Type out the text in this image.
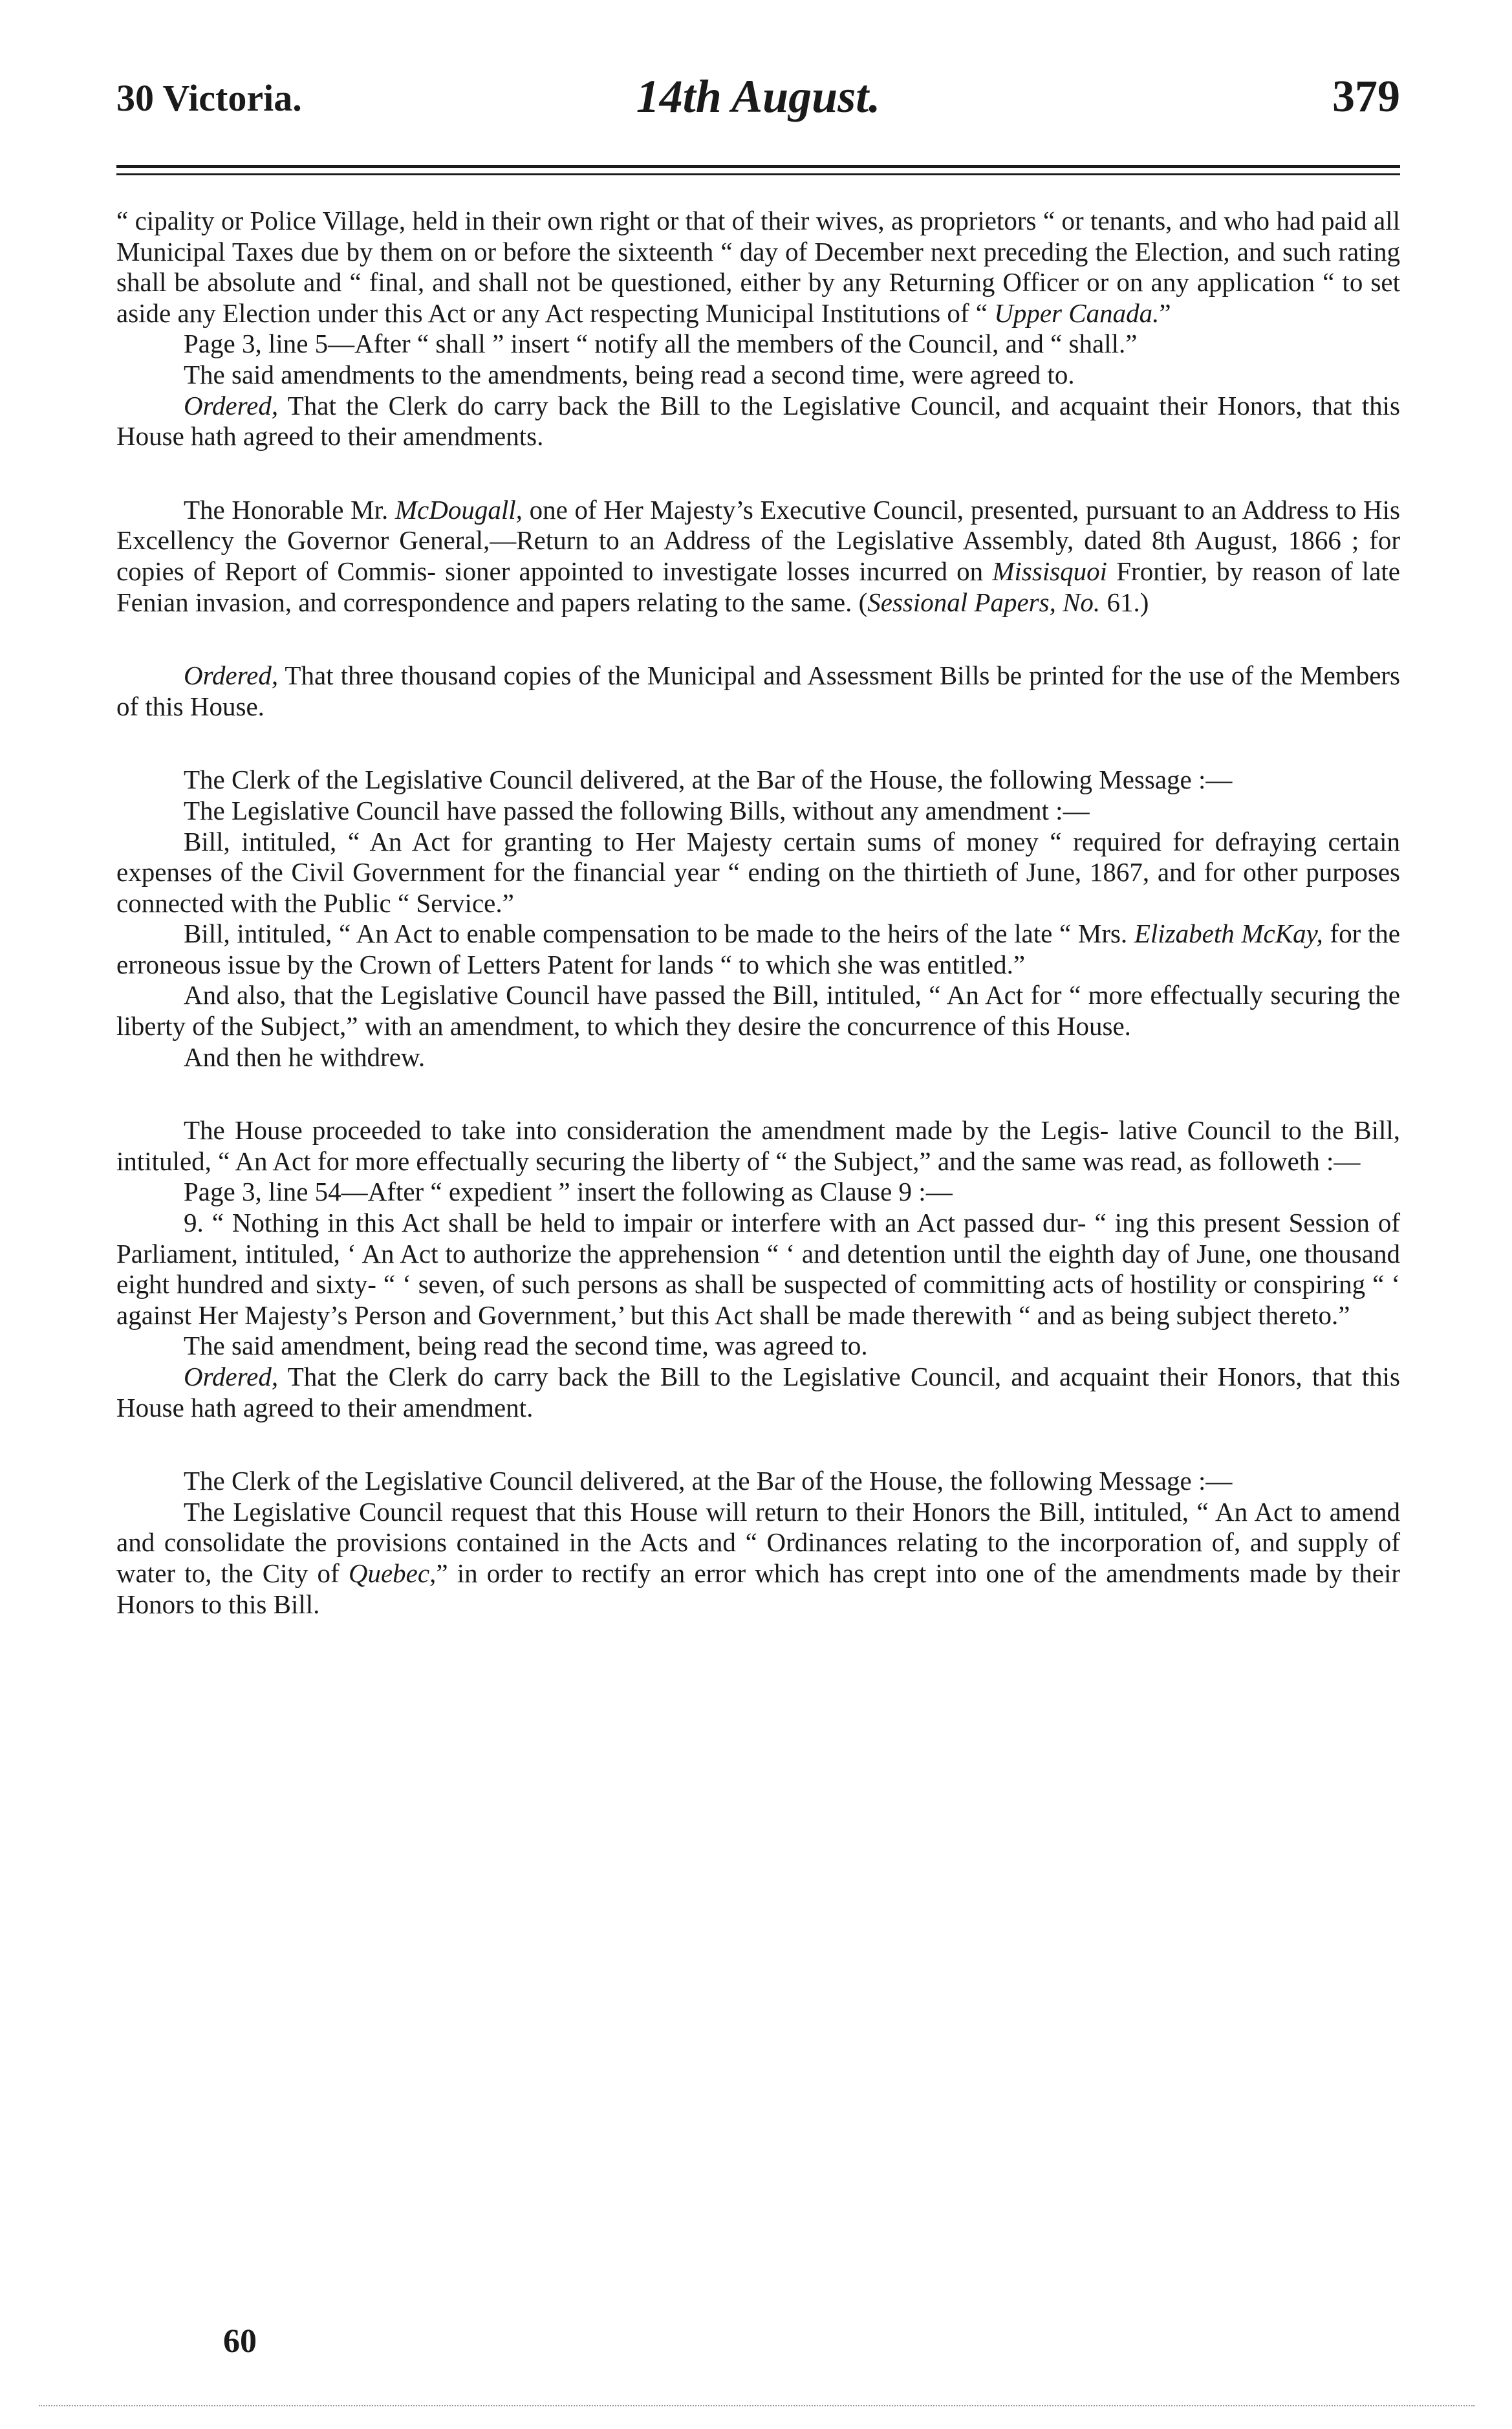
30 Victoria.	14th August.	379

“ cipality or Police Village, held in their own right or that of their wives, as proprietors “ or tenants, and who had paid all Municipal Taxes due by them on or before the sixteenth “ day of December next preceding the Election, and such rating shall be absolute and “ final, and shall not be questioned, either by any Returning Officer or on any application “ to set aside any Election under this Act or any Act respecting Municipal Institutions of “ Upper Canada.”

Page 3, line 5—After “ shall ” insert “ notify all the members of the Council, and “ shall.”

The said amendments to the amendments, being read a second time, were agreed to.

Ordered, That the Clerk do carry back the Bill to the Legislative Council, and acquaint their Honors, that this House hath agreed to their amendments.

The Honorable Mr. McDougall, one of Her Majesty’s Executive Council, presented, pursuant to an Address to His Excellency the Governor General,—Return to an Address of the Legislative Assembly, dated 8th August, 1866 ; for copies of Report of Commis- sioner appointed to investigate losses incurred on Missisquoi Frontier, by reason of late Fenian invasion, and correspondence and papers relating to the same. (Sessional Papers, No. 61.)

Ordered, That three thousand copies of the Municipal and Assessment Bills be printed for the use of the Members of this House.

The Clerk of the Legislative Council delivered, at the Bar of the House, the following Message :—

The Legislative Council have passed the following Bills, without any amendment :—

Bill, intituled, “ An Act for granting to Her Majesty certain sums of money “ required for defraying certain expenses of the Civil Government for the financial year “ ending on the thirtieth of June, 1867, and for other purposes connected with the Public “ Service.”

Bill, intituled, “ An Act to enable compensation to be made to the heirs of the late “ Mrs. Elizabeth McKay, for the erroneous issue by the Crown of Letters Patent for lands “ to which she was entitled.”

And also, that the Legislative Council have passed the Bill, intituled, “ An Act for “ more effectually securing the liberty of the Subject,” with an amendment, to which they desire the concurrence of this House.

And then he withdrew.

The House proceeded to take into consideration the amendment made by the Legis- lative Council to the Bill, intituled, “ An Act for more effectually securing the liberty of “ the Subject,” and the same was read, as followeth :—

Page 3, line 54—After “ expedient ” insert the following as Clause 9 :—

9. “ Nothing in this Act shall be held to impair or interfere with an Act passed dur- “ ing this present Session of Parliament, intituled, ‘ An Act to authorize the apprehension “ ‘ and detention until the eighth day of June, one thousand eight hundred and sixty- “ ‘ seven, of such persons as shall be suspected of committing acts of hostility or conspiring “ ‘ against Her Majesty’s Person and Government,’ but this Act shall be made therewith “ and as being subject thereto.”

The said amendment, being read the second time, was agreed to.

Ordered, That the Clerk do carry back the Bill to the Legislative Council, and acquaint their Honors, that this House hath agreed to their amendment.

The Clerk of the Legislative Council delivered, at the Bar of the House, the following Message :—

The Legislative Council request that this House will return to their Honors the Bill, intituled, “ An Act to amend and consolidate the provisions contained in the Acts and “ Ordinances relating to the incorporation of, and supply of water to, the City of Quebec,” in order to rectify an error which has crept into one of the amendments made by their Honors to this Bill.

60
